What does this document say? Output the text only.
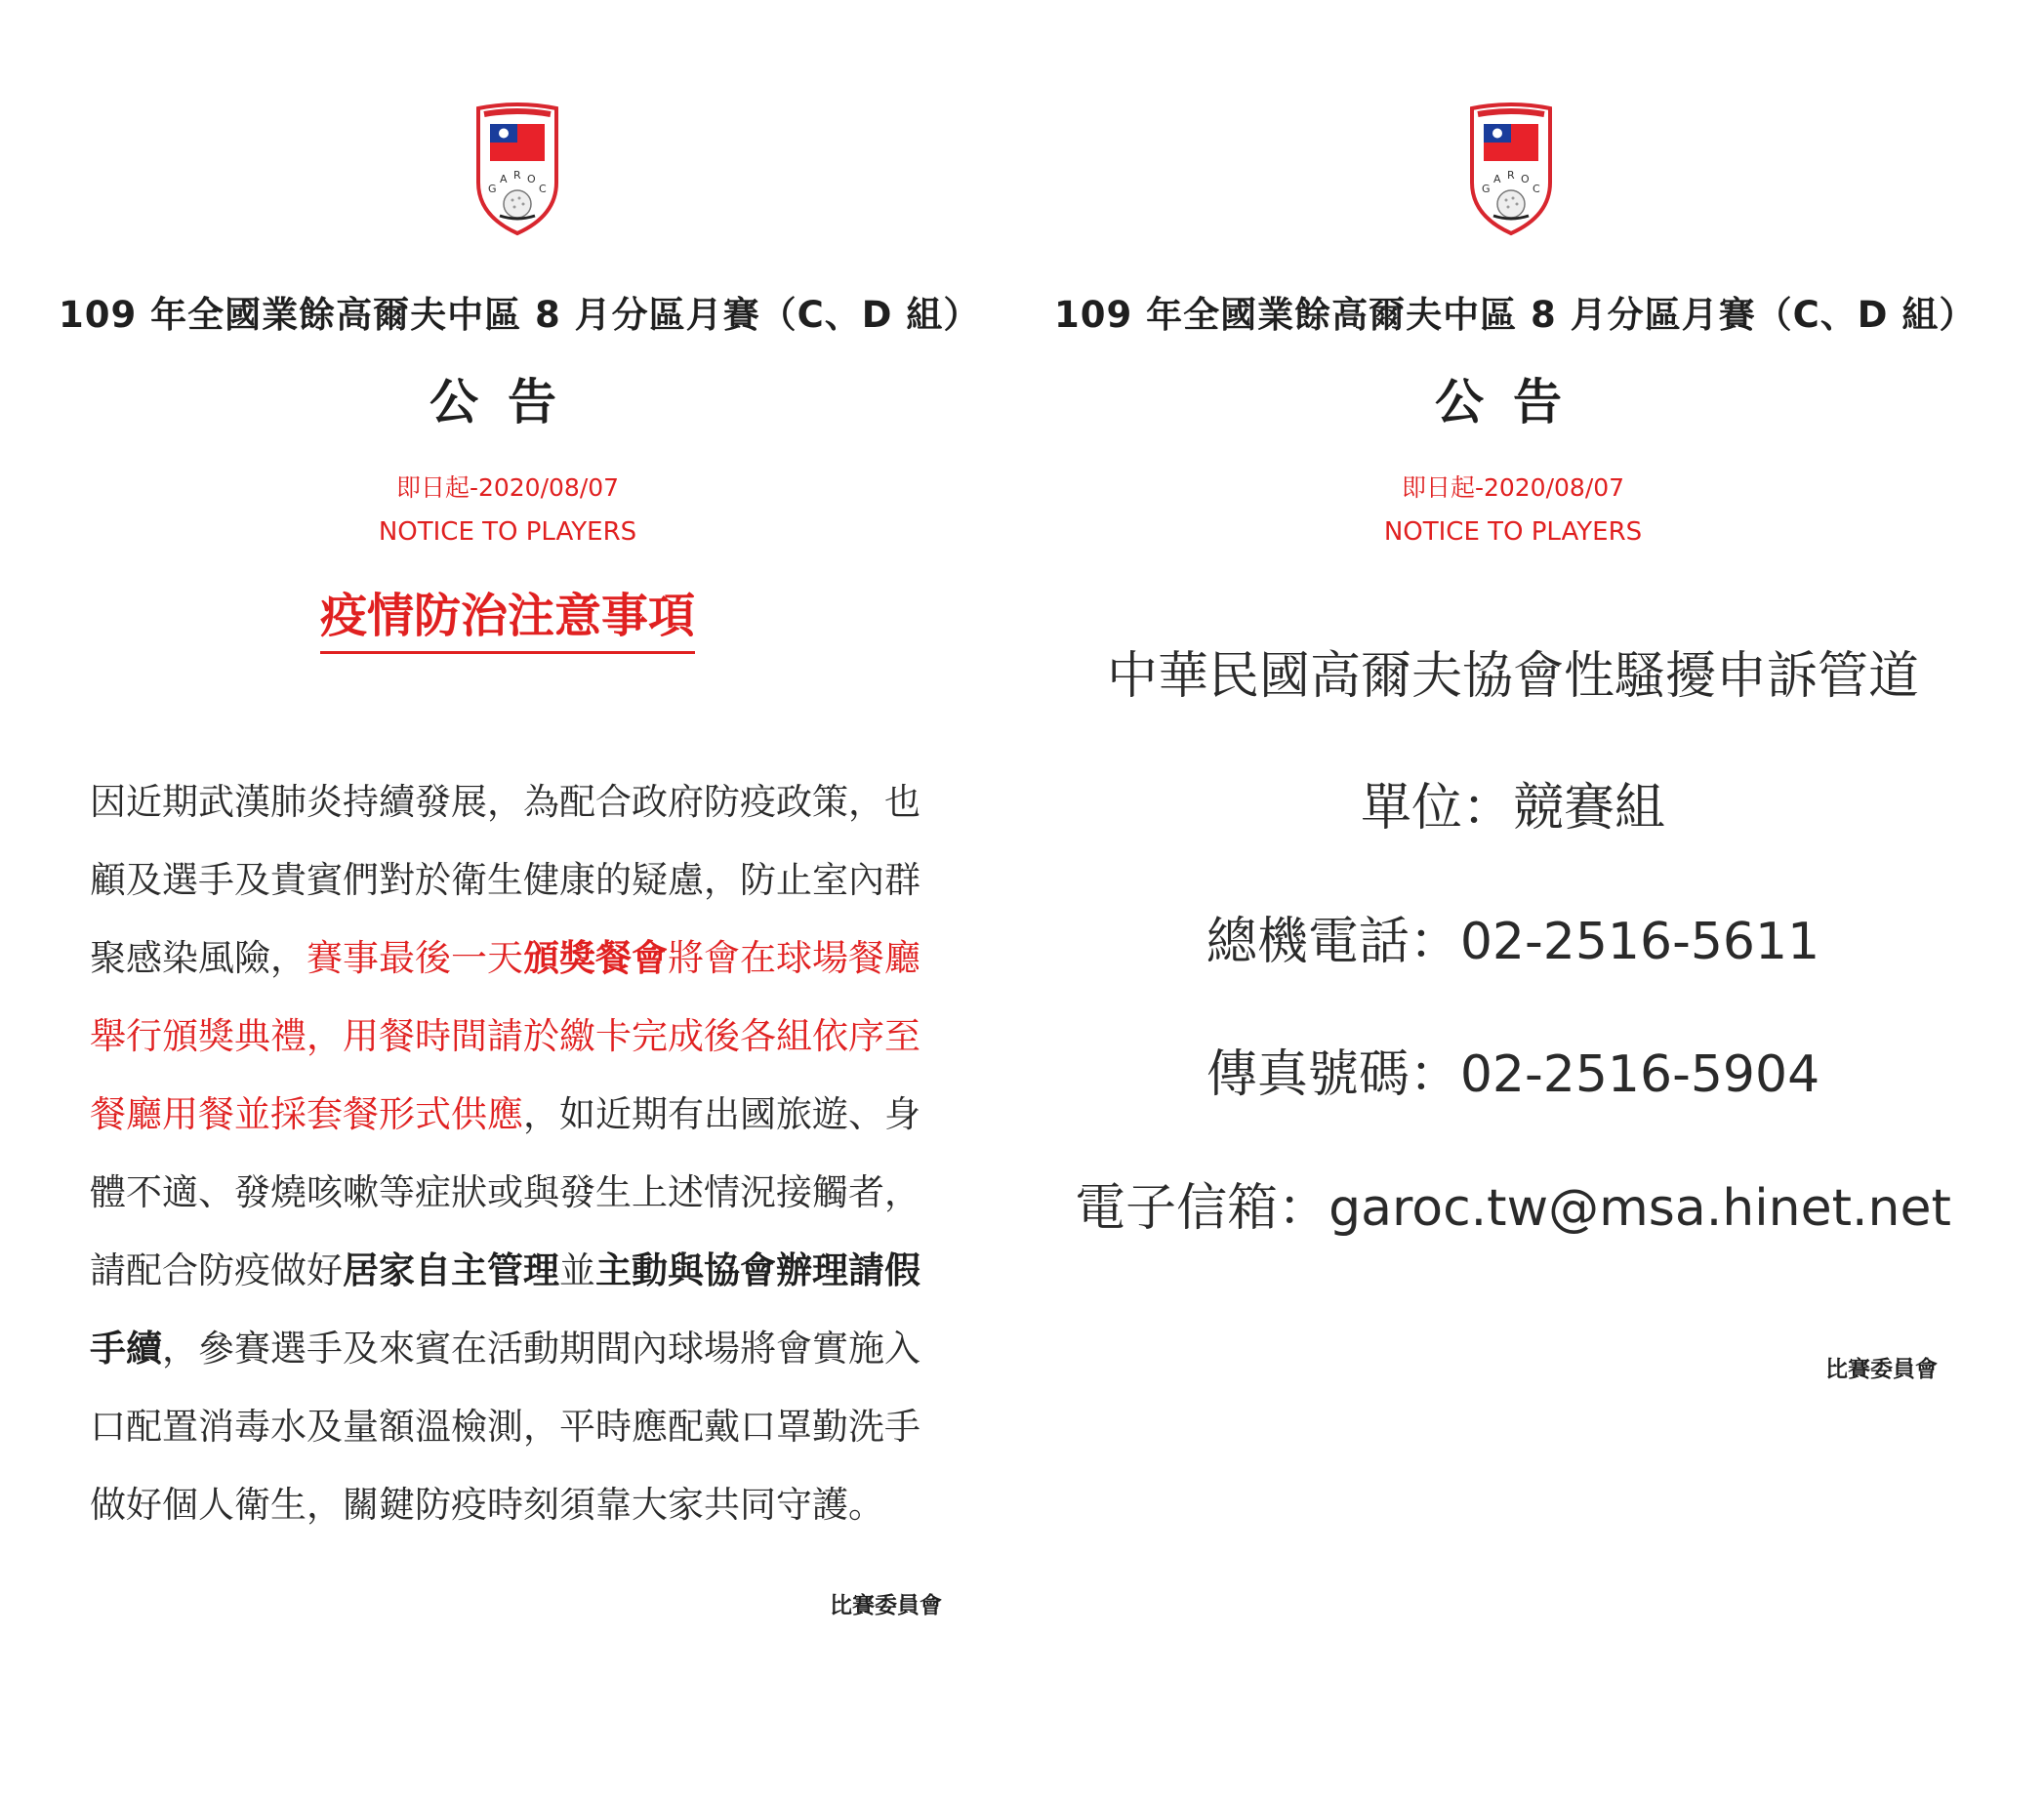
G
A R O
C
109 年全國業餘高爾夫中區 8 月分區月賽（C、D 組）
公告
即日起-2020/08/07
NOTICE TO PLAYERS
疫情防治注意事項
因近期武漢肺炎持續發展，為配合政府防疫政策，也顧及選手及貴賓們對於衛生健康的疑慮，防止室內群聚感染風險，賽事最後一天頒獎餐會將會在球場餐廳舉行頒獎典禮，用餐時間請於繳卡完成後各組依序至餐廳用餐並採套餐形式供應，如近期有出國旅遊、身體不適、發燒咳嗽等症狀或與發生上述情況接觸者，請配合防疫做好居家自主管理並主動與協會辦理請假手續，參賽選手及來賓在活動期間內球場將會實施入口配置消毒水及量額溫檢測，平時應配戴口罩勤洗手做好個人衛生，關鍵防疫時刻須靠大家共同守護。
比賽委員會
G
A R O
C
109 年全國業餘高爾夫中區 8 月分區月賽（C、D 組）
公告
即日起-2020/08/07
NOTICE TO PLAYERS
中華民國高爾夫協會性騷擾申訴管道
單位：競賽組
總機電話：02-2516-5611
傳真號碼：02-2516-5904
電子信箱：garoc.tw@msa.hinet.net
比賽委員會
